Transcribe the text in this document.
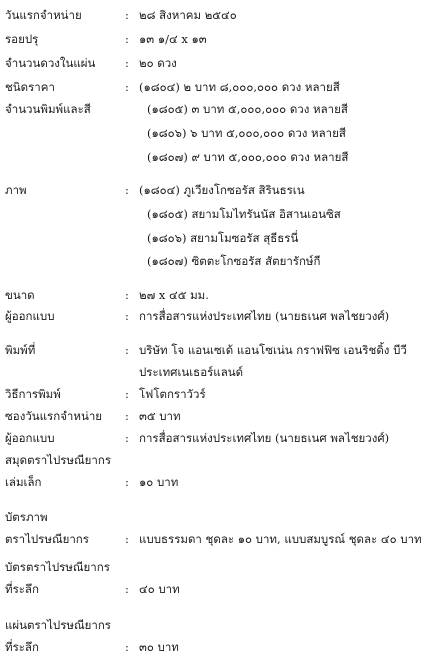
วันแรกจำหน่าย	: ๒๘ สิงหาคม ๒๕๔๐
รอยปรุ	: ๑๓ ๑/๔ x ๑๓
จำนวนดวงในแผ่น	: ๒๐ ดวง
ชนิดราคา	: (๑๘๐๔) ๒ บาท ๘,๐๐๐,๐๐๐ ดวง หลายสี
จำนวนพิมพ์และสี	(๑๘๐๕) ๓ บาท ๕,๐๐๐,๐๐๐ ดวง หลายสี
(๑๘๐๖) ๖ บาท ๕,๐๐๐,๐๐๐ ดวง หลายสี
(๑๘๐๗) ๙ บาท ๕,๐๐๐,๐๐๐ ดวง หลายสี
ภาพ	: (๑๘๐๔) ภูเวียงโกซอรัส สิรินธรเน
(๑๘๐๕) สยามโมไทรันนัส อิสานเอนซิส
(๑๘๐๖) สยามโมซอรัส สุธีธรนี่
(๑๘๐๗) ซิตตะโกซอรัส สัตยารักษ์กี
ขนาด	: ๒๗ x ๔๕ มม.
ผู้ออกแบบ	: การสื่อสารแห่งประเทศไทย (นายธเนศ พลไชยวงศ์)
พิมพ์ที่	: บริษัท โจ แอนเซเด้ แอนโซเน่น กราฟฟิซ เอนริชดิ้ง บีวี
ประเทศเนเธอร์แลนด์
วิธีการพิมพ์	: โฟโตกราวัวร์
ซองวันแรกจำหน่าย : ๓๕ บาท
ผู้ออกแบบ	: การสื่อสารแห่งประเทศไทย (นายธเนศ พลไชยวงศ์)
สมุดตราไปรษณียากร
เล่มเล็ก	: ๑๐ บาท
บัตรภาพ
ตราไปรษณียากร	: แบบธรรมดา ชุดละ ๑๐ บาท, แบบสมบูรณ์ ชุดละ ๔๐ บาท
บัตรตราไปรษณียากร
ที่ระลึก	: ๔๐ บาท
แผ่นตราไปรษณียากร
ที่ระลึก	: ๓๐ บาท
